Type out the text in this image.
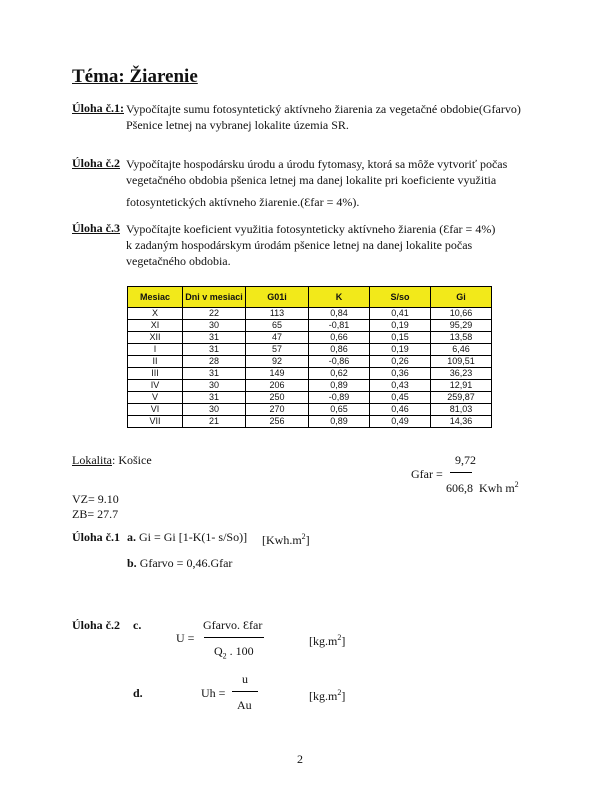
Téma: Žiarenie
Úloha č.1: Vypočítajte sumu fotosyntetický aktívneho žiarenia za vegetačné obdobie(Gfarvo)
Pšenice letnej na vybranej lokalite územia SR.
Úloha č.2 Vypočítajte hospodársku úrodu a úrodu fytomasy, ktorá sa môže vytvoriť počas
vegetačného obdobia pšenica letnej ma danej lokalite pri koeficiente využitia
fotosyntetických aktívneho žiarenie.(Ɛfar = 4%).
Úloha č.3 Vypočítajte koeficient využitia fotosynteticky aktívneho žiarenia (Ɛfar = 4%)
k zadaným hospodárskym úrodám pšenice letnej na danej lokalite počas
vegetačného obdobia.
Mesiac	Dni v mesiaci	G01i	K	S/so	Gi
X	22	113	0,84	0,41	10,66
XI	30	65	-0,81	0,19	95,29
XII	31	47	0,66	0,15	13,58
I	31	57	0,86	0,19	6,46
II	28	92	-0,86	0,26	109,51
III	31	149	0,62	0,36	36,23
IV	30	206	0,89	0,43	12,91
V	31	250	-0,89	0,45	259,87
VI	30	270	0,65	0,46	81,03
VII	21	256	0,89	0,49	14,36
Lokalita: Košice	9,72
Gfar =
606,8 Kwh $m^2$
VZ= 9.10
ZB= 27.7
Úloha č.1 a. Gi = Gi [1-K(1- s/So)] $[Kwh.m^2]$
b. Gfarvo = 0,46.Gfar
Úloha č.2 c.	Gfarvo. Ɛfar
U =
$Q_2$ . 100
$[kg.m^2]$
u
d.	Uh =
Au
$[kg.m^2]$
2
